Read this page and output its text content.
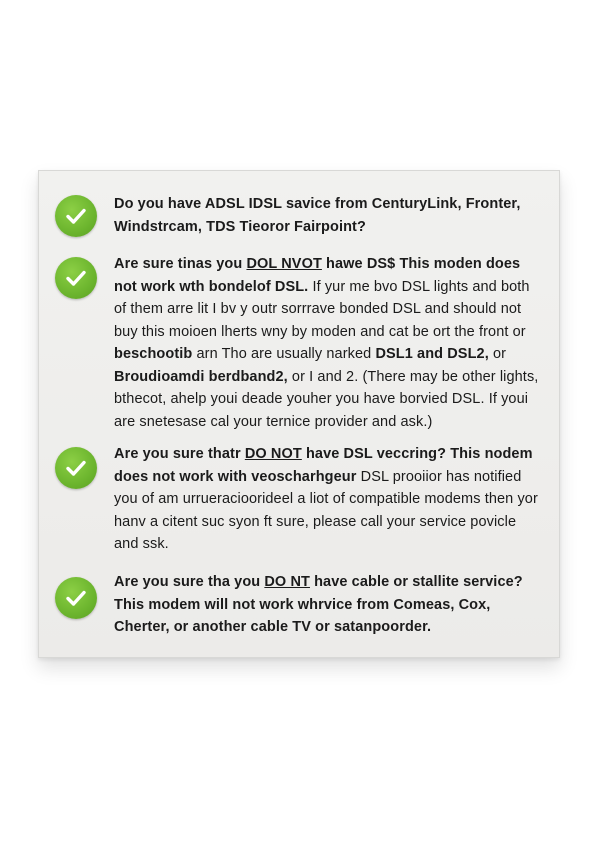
Do you have ADSL IDSL savice from CenturyLink, Fronter, Windstrcam, TDS Tieoror Fairpoint?
Are sure tinas you DOL NVOT hawe DS$ This moden does not work wth bondelof DSL. If yur me bvo DSL lights and both of them arre lit I bv y outr sorrrave bonded DSL and should not buy this moioen lherts wny by moden and cat be ort the front or beschootib arn Tho are usually narked DSL1 and DSL2, or Broudioamdi berdband2, or I and 2. (There may be other lights, bthecot, ahelp youi deade youher you have borvied DSL. If youi are snetesase cal your ternice provider and ask.)
Are you sure thatr DO NOT have DSL veccring? This nodem does not work with veoscharhgeur DSL prooiior has notified you of am urrueracioorideel a liot of compatible modems then yor hanv a citent suc syon ft sure, please call your service povicle and ssk.
Are you sure tha you DO NT have cable or stallite service? This modem will not work whrvice from Comeas, Cox, Cherter, or another cable TV or satanpoorder.
